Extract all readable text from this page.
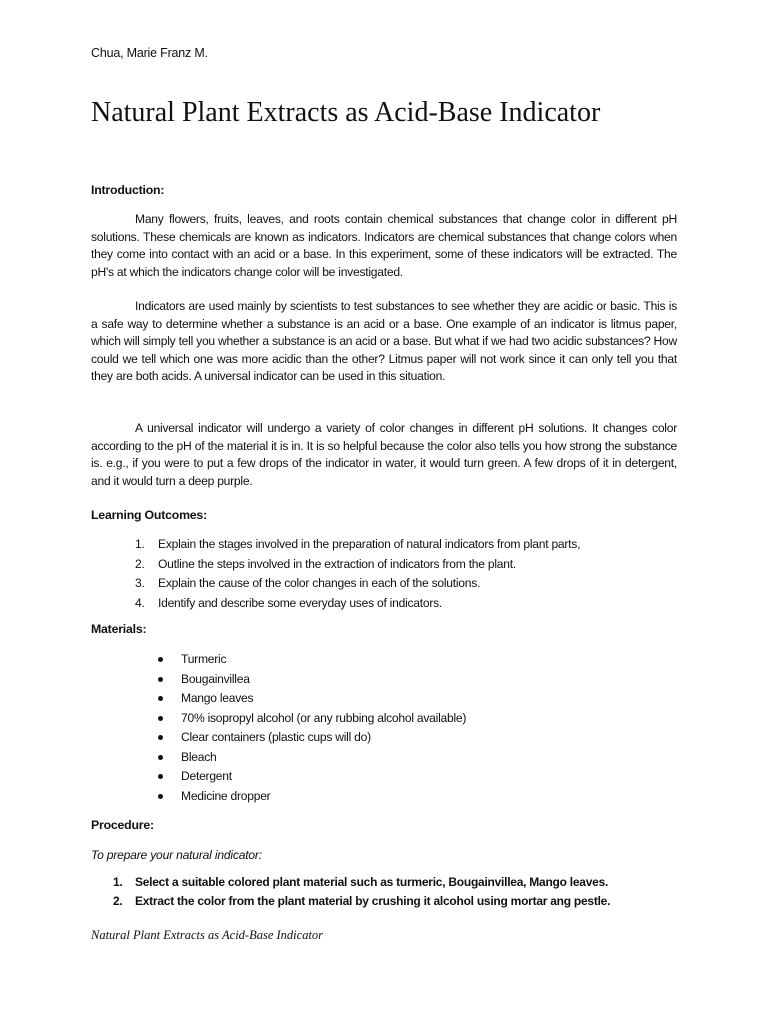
Chua, Marie Franz M.
Natural Plant Extracts as Acid-Base Indicator
Introduction:

Many flowers, fruits, leaves, and roots contain chemical substances that change color in different pH solutions. These chemicals are known as indicators. Indicators are chemical substances that change colors when they come into contact with an acid or a base. In this experiment, some of these indicators will be extracted. The pH's at which the indicators change color will be investigated.

Indicators are used mainly by scientists to test substances to see whether they are acidic or basic. This is a safe way to determine whether a substance is an acid or a base. One example of an indicator is litmus paper, which will simply tell you whether a substance is an acid or a base. But what if we had two acidic substances? How could we tell which one was more acidic than the other? Litmus paper will not work since it can only tell you that they are both acids. A universal indicator can be used in this situation.

A universal indicator will undergo a variety of color changes in different pH solutions. It changes color according to the pH of the material it is in. It is so helpful because the color also tells you how strong the substance is. e.g., if you were to put a few drops of the indicator in water, it would turn green. A few drops of it in detergent, and it would turn a deep purple.

Learning Outcomes:
1. Explain the stages involved in the preparation of natural indicators from plant parts,
2. Outline the steps involved in the extraction of indicators from the plant.
3. Explain the cause of the color changes in each of the solutions.
4. Identify and describe some everyday uses of indicators.
Materials:
Turmeric
Bougainvillea
Mango leaves
70% isopropyl alcohol (or any rubbing alcohol available)
Clear containers (plastic cups will do)
Bleach
Detergent
Medicine dropper
Procedure:
To prepare your natural indicator:
1. Select a suitable colored plant material such as turmeric, Bougainvillea, Mango leaves.
2. Extract the color from the plant material by crushing it alcohol using mortar ang pestle.
Natural Plant Extracts as Acid-Base Indicator
